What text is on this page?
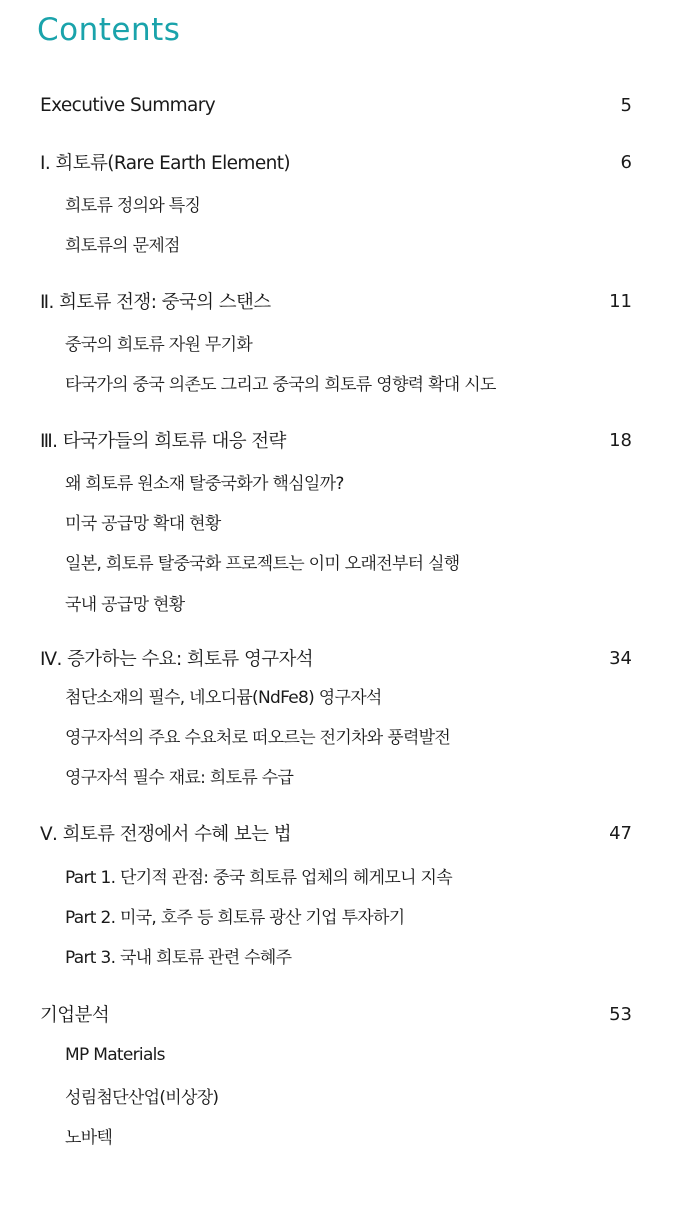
Contents
Executive Summary	5
Ⅰ. 희토류(Rare Earth Element)	6
희토류 정의와 특징
희토류의 문제점
Ⅱ. 희토류 전쟁: 중국의 스탠스	11
중국의 희토류 자원 무기화
타국가의 중국 의존도 그리고 중국의 희토류 영향력 확대 시도
Ⅲ. 타국가들의 희토류 대응 전략	18
왜 희토류 원소재 탈중국화가 핵심일까?
미국 공급망 확대 현황
일본, 희토류 탈중국화 프로젝트는 이미 오래전부터 실행
국내 공급망 현황
Ⅳ. 증가하는 수요: 희토류 영구자석	34
첨단소재의 필수, 네오디뮴(NdFe8) 영구자석
영구자석의 주요 수요처로 떠오르는 전기차와 풍력발전
영구자석 필수 재료: 희토류 수급
Ⅴ. 희토류 전쟁에서 수혜 보는 법	47
Part 1. 단기적 관점: 중국 희토류 업체의 헤게모니 지속
Part 2. 미국, 호주 등 희토류 광산 기업 투자하기
Part 3. 국내 희토류 관련 수혜주
기업분석	53
MP Materials
성림첨단산업(비상장)
노바텍
